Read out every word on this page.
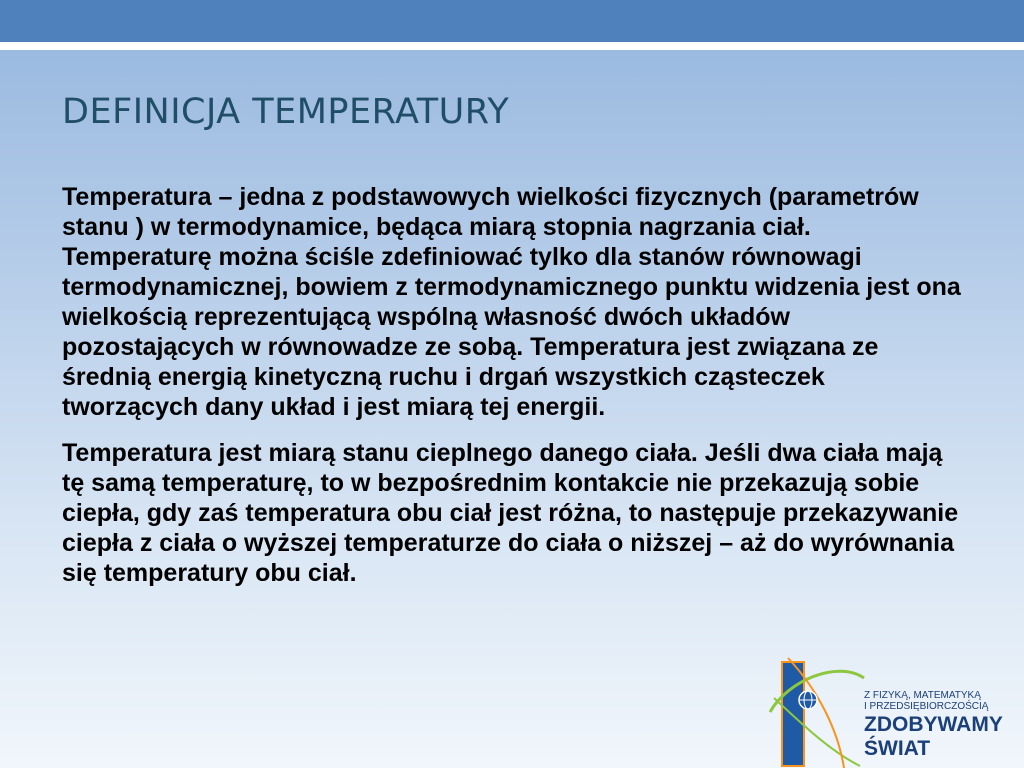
DEFINICJA TEMPERATURY

Temperatura – jedna z podstawowych wielkości fizycznych (parametrów stanu ) w termodynamice, będąca miarą stopnia nagrzania ciał. Temperaturę można ściśle zdefiniować tylko dla stanów równowagi termodynamicznej, bowiem z termodynamicznego punktu widzenia jest ona wielkością reprezentującą wspólną własność dwóch układów pozostających w równowadze ze sobą. Temperatura jest związana ze średnią energią kinetyczną ruchu i drgań wszystkich cząsteczek tworzących dany układ i jest miarą tej energii.

Temperatura jest miarą stanu cieplnego danego ciała. Jeśli dwa ciała mają tę samą temperaturę, to w bezpośrednim kontakcie nie przekazują sobie ciepła, gdy zaś temperatura obu ciał jest różna, to następuje przekazywanie ciepła z ciała o wyższej temperaturze do ciała o niższej – aż do wyrównania się temperatury obu ciał.

Z FIZYKĄ, MATEMATYKĄ
I PRZEDSIĘBIORCZOŚCIĄ
ZDOBYWAMY
ŚWIAT
